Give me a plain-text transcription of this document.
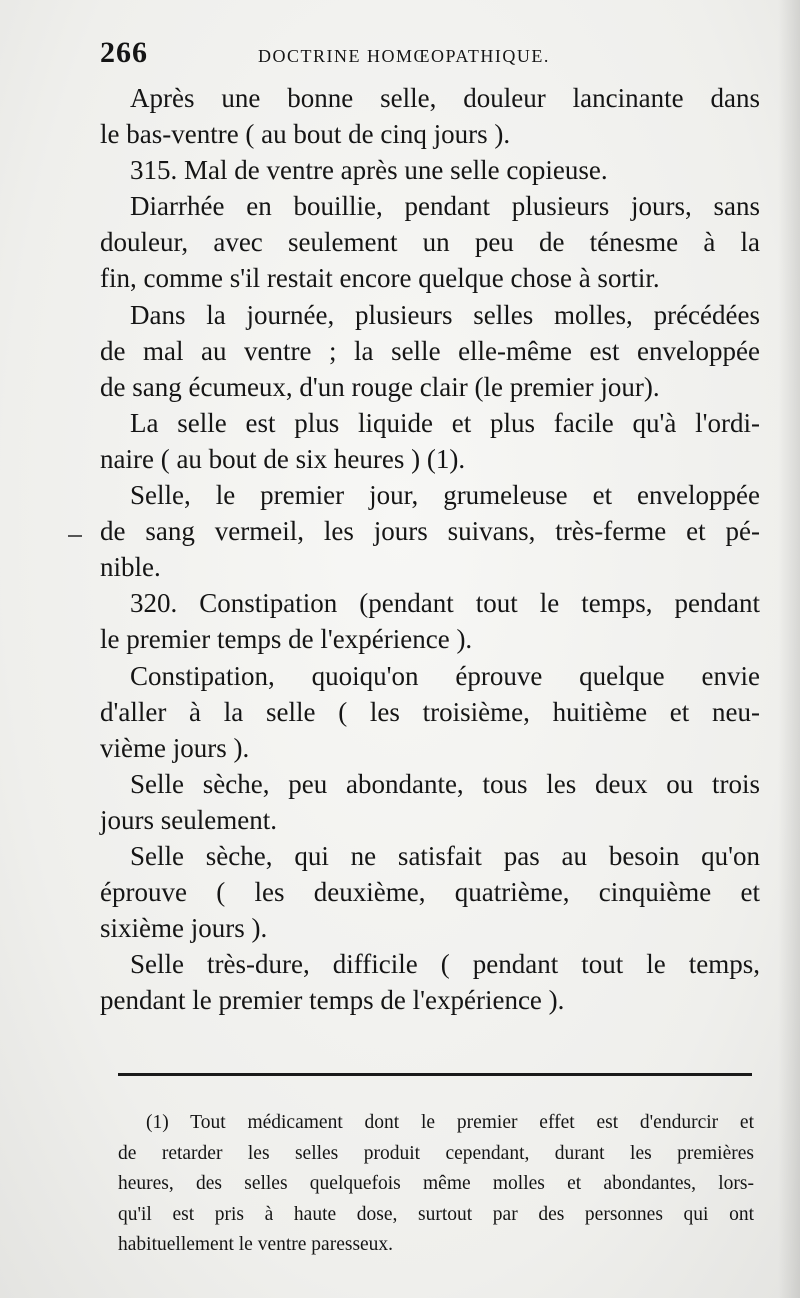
266	DOCTRINE HOMŒOPATHIQUE.
Après une bonne selle, douleur lancinante dans
le bas-ventre ( au bout de cinq jours ).
315. Mal de ventre après une selle copieuse.
Diarrhée en bouillie, pendant plusieurs jours, sans
douleur, avec seulement un peu de ténesme à la
fin, comme s'il restait encore quelque chose à sortir.
Dans la journée, plusieurs selles molles, précédées
de mal au ventre ; la selle elle-même est enveloppée
de sang écumeux, d'un rouge clair (le premier jour).
La selle est plus liquide et plus facile qu'à l'ordi-
naire ( au bout de six heures ) (1).
Selle, le premier jour, grumeleuse et enveloppée
de sang vermeil, les jours suivans, très-ferme et pé-
nible.
320. Constipation (pendant tout le temps, pendant
le premier temps de l'expérience ).
Constipation, quoiqu'on éprouve quelque envie
d'aller à la selle ( les troisième, huitième et neu-
vième jours ).
Selle sèche, peu abondante, tous les deux ou trois
jours seulement.
Selle sèche, qui ne satisfait pas au besoin qu'on
éprouve ( les deuxième, quatrième, cinquième et
sixième jours ).
Selle très-dure, difficile ( pendant tout le temps,
pendant le premier temps de l'expérience ).
(1) Tout médicament dont le premier effet est d'endurcir et
de retarder les selles produit cependant, durant les premières
heures, des selles quelquefois même molles et abondantes, lors-
qu'il est pris à haute dose, surtout par des personnes qui ont
habituellement le ventre paresseux.
